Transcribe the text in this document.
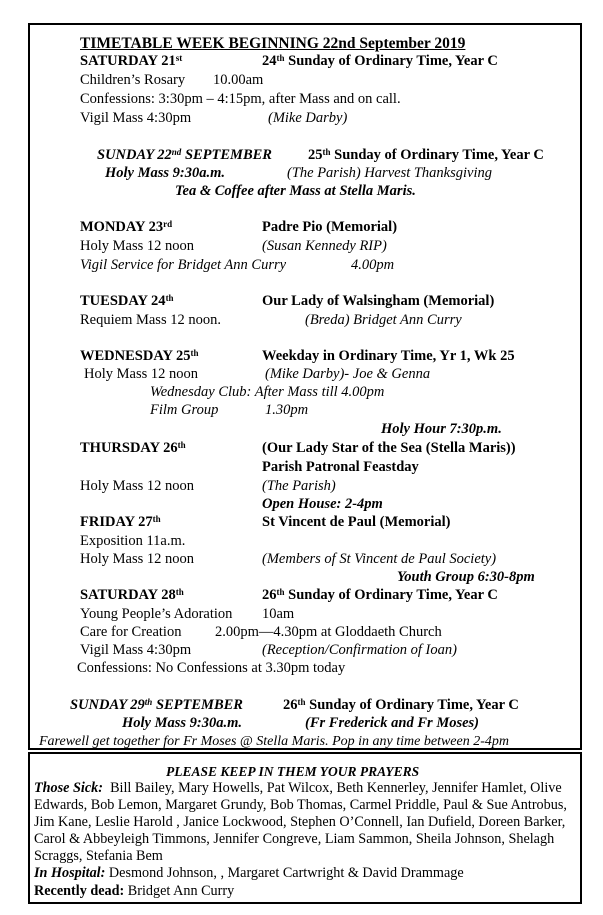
TIMETABLE WEEK BEGINNING 22nd September 2019
SATURDAY 21st	24th Sunday of Ordinary Time, Year C
Children’s Rosary 10.00am
Confessions: 3:30pm – 4:15pm, after Mass and on call.
Vigil Mass 4:30pm	(Mike Darby)
SUNDAY 22nd SEPTEMBER 25th Sunday of Ordinary Time, Year C
Holy Mass 9:30a.m.	(The Parish) Harvest Thanksgiving
Tea & Coffee after Mass at Stella Maris.
MONDAY 23rd	Padre Pio (Memorial)
Holy Mass 12 noon	(Susan Kennedy RIP)
Vigil Service for Bridget Ann Curry	4.00pm
TUESDAY 24th	Our Lady of Walsingham (Memorial)
Requiem Mass 12 noon.	(Breda) Bridget Ann Curry
WEDNESDAY 25th	Weekday in Ordinary Time, Yr 1, Wk 25
Holy Mass 12 noon	(Mike Darby)- Joe & Genna
Wednesday Club: After Mass till 4.00pm
Film Group	1.30pm
Holy Hour 7:30p.m.
THURSDAY 26th	(Our Lady Star of the Sea (Stella Maris))
Parish Patronal Feastday
Holy Mass 12 noon	(The Parish)
Open House: 2-4pm
FRIDAY 27th	St Vincent de Paul (Memorial)
Exposition 11a.m.
Holy Mass 12 noon	(Members of St Vincent de Paul Society)
Youth Group 6:30-8pm
SATURDAY 28th	26th Sunday of Ordinary Time, Year C
Young People’s Adoration 10am
Care for Creation 2.00pm—4.30pm at Gloddaeth Church
Vigil Mass 4:30pm	(Reception/Confirmation of Ioan)
Confessions: No Confessions at 3.30pm today
SUNDAY 29th SEPTEMBER	26th Sunday of Ordinary Time, Year C
Holy Mass 9:30a.m.	(Fr Frederick and Fr Moses)
Farewell get together for Fr Moses @ Stella Maris. Pop in any time between 2-4pm
PLEASE KEEP IN THEM YOUR PRAYERS
Those Sick: Bill Bailey, Mary Howells, Pat Wilcox, Beth Kennerley, Jennifer Hamlet, Olive Edwards, Bob Lemon, Margaret Grundy, Bob Thomas, Carmel Priddle, Paul & Sue Antrobus, Jim Kane, Leslie Harold , Janice Lockwood, Stephen O’Connell, Ian Dufield, Doreen Barker, Carol & Abbeyleigh Timmons, Jennifer Congreve, Liam Sammon, Sheila Johnson, Shelagh Scraggs, Stefania Bem
In Hospital: Desmond Johnson, , Margaret Cartwright & David Drammage
Recently dead: Bridget Ann Curry
